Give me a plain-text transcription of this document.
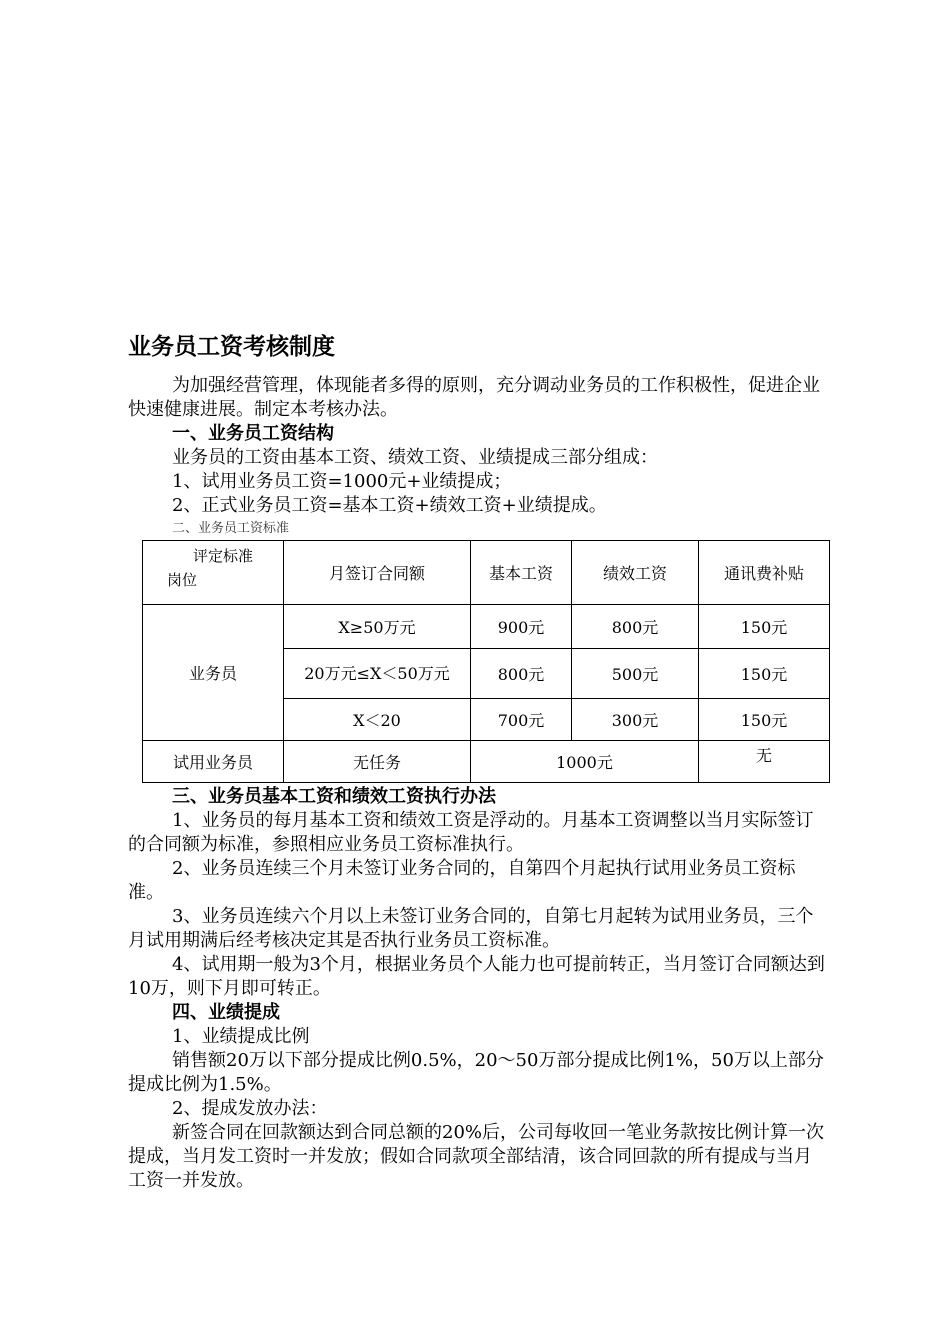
业务员工资考核制度

为加强经营管理，体现能者多得的原则，充分调动业务员的工作积极性，促进企业快速健康进展。制定本考核办法。

一、业务员工资结构
业务员的工资由基本工资、绩效工资、业绩提成三部分组成：
1、试用业务员工资=1000元+业绩提成；
2、正式业务员工资=基本工资+绩效工资+业绩提成。
二、业务员工资标准
评定标准
岗位	月签订合同额	基本工资	绩效工资	通讯费补贴
业务员	X≥50万元	900元	800元	150元
	20万元≤X＜50万元	800元	500元	150元
	X＜20	700元	300元	150元
试用业务员	无任务	1000元		无
三、业务员基本工资和绩效工资执行办法

1、业务员的每月基本工资和绩效工资是浮动的。月基本工资调整以当月实际签订的合同额为标准，参照相应业务员工资标准执行。

2、业务员连续三个月未签订业务合同的，自第四个月起执行试用业务员工资标准。

3、业务员连续六个月以上未签订业务合同的，自第七月起转为试用业务员，三个月试用期满后经考核决定其是否执行业务员工资标准。

4、试用期一般为3个月，根据业务员个人能力也可提前转正，当月签订合同额达到10万，则下月即可转正。

四、业绩提成
1、业绩提成比例

销售额20万以下部分提成比例0.5%，20～50万部分提成比例1%，50万以上部分提成比例为1.5%。

2、提成发放办法：

新签合同在回款额达到合同总额的20%后，公司每收回一笔业务款按比例计算一次提成，当月发工资时一并发放；假如合同款项全部结清，该合同回款的所有提成与当月工资一并发放。
